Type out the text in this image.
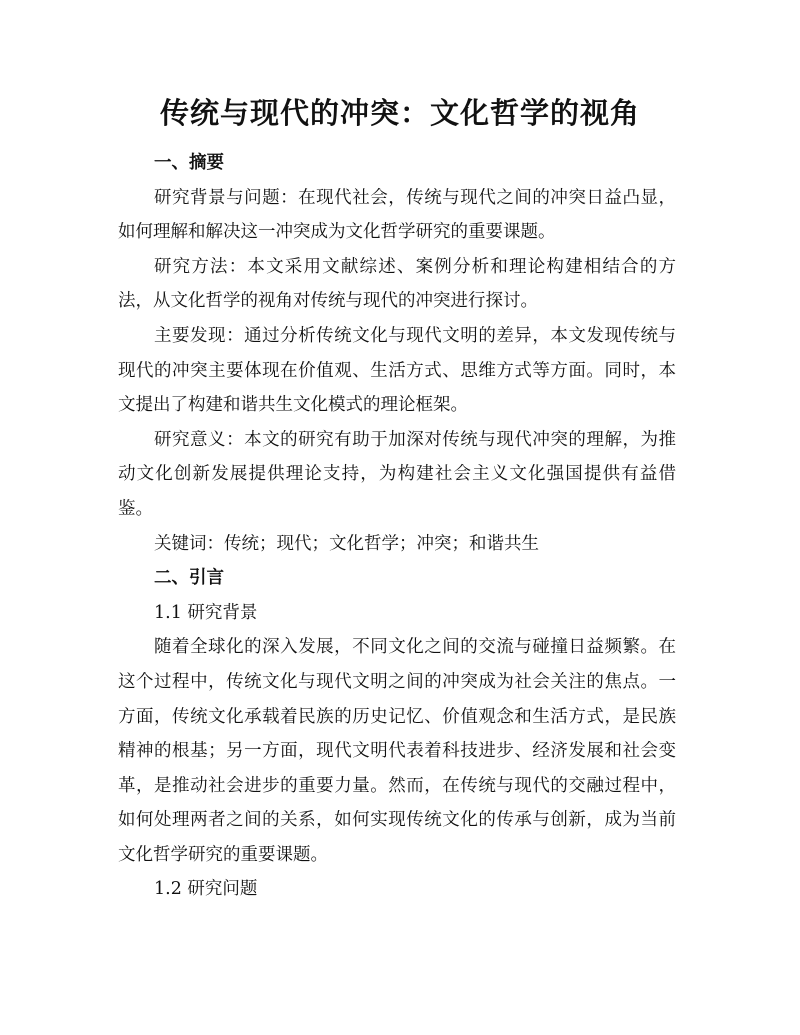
传统与现代的冲突：文化哲学的视角

一、摘要

研究背景与问题：在现代社会，传统与现代之间的冲突日益凸显，如何理解和解决这一冲突成为文化哲学研究的重要课题。

研究方法：本文采用文献综述、案例分析和理论构建相结合的方法，从文化哲学的视角对传统与现代的冲突进行探讨。

主要发现：通过分析传统文化与现代文明的差异，本文发现传统与现代的冲突主要体现在价值观、生活方式、思维方式等方面。同时，本文提出了构建和谐共生文化模式的理论框架。

研究意义：本文的研究有助于加深对传统与现代冲突的理解，为推动文化创新发展提供理论支持，为构建社会主义文化强国提供有益借鉴。

关键词：传统；现代；文化哲学；冲突；和谐共生

二、引言

1.1 研究背景

随着全球化的深入发展，不同文化之间的交流与碰撞日益频繁。在这个过程中，传统文化与现代文明之间的冲突成为社会关注的焦点。一方面，传统文化承载着民族的历史记忆、价值观念和生活方式，是民族精神的根基；另一方面，现代文明代表着科技进步、经济发展和社会变革，是推动社会进步的重要力量。然而，在传统与现代的交融过程中，如何处理两者之间的关系，如何实现传统文化的传承与创新，成为当前文化哲学研究的重要课题。

1.2 研究问题
